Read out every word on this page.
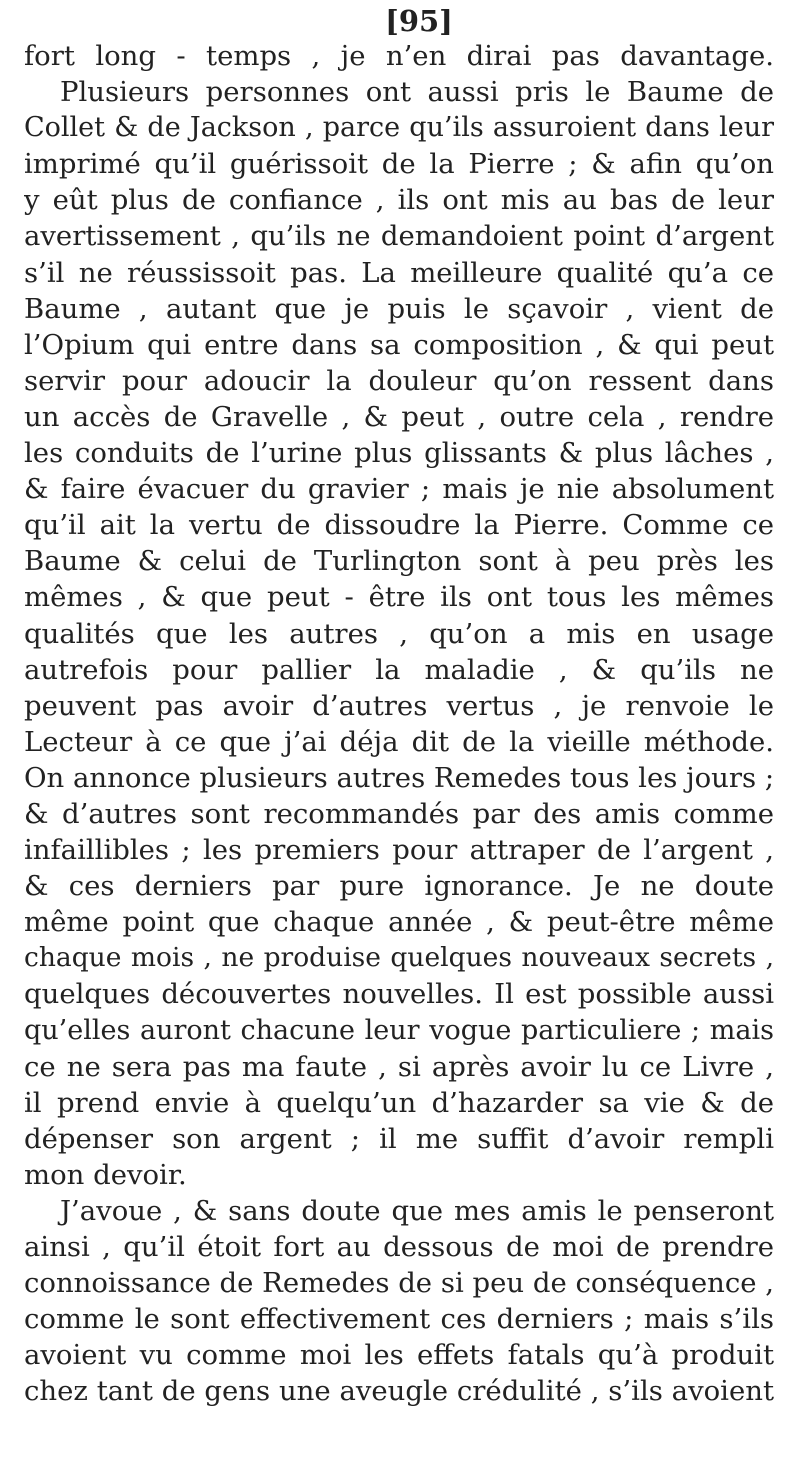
[95]
fort long - temps , je n’en dirai pas davantage.
Plusieurs personnes ont aussi pris le Baume de
Collet & de Jackson , parce qu’ils assuroient dans leur
imprimé qu’il guérissoit de la Pierre ; & afin qu’on
y eût plus de confiance , ils ont mis au bas de leur
avertissement , qu’ils ne demandoient point d’argent
s’il ne réussissoit pas. La meilleure qualité qu’a ce
Baume , autant que je puis le sçavoir , vient de
l’Opium qui entre dans sa composition , & qui peut
servir pour adoucir la douleur qu’on ressent dans
un accès de Gravelle , & peut , outre cela , rendre
les conduits de l’urine plus glissants & plus lâches ,
& faire évacuer du gravier ; mais je nie absolument
qu’il ait la vertu de dissoudre la Pierre. Comme ce
Baume & celui de Turlington sont à peu près les
mêmes , & que peut - être ils ont tous les mêmes
qualités que les autres , qu’on a mis en usage
autrefois pour pallier la maladie , & qu’ils ne
peuvent pas avoir d’autres vertus , je renvoie le
Lecteur à ce que j’ai déja dit de la vieille méthode.
On annonce plusieurs autres Remedes tous les jours ;
& d’autres sont recommandés par des amis comme
infaillibles ; les premiers pour attraper de l’argent ,
& ces derniers par pure ignorance. Je ne doute
même point que chaque année , & peut-être même
chaque mois , ne produise quelques nouveaux secrets ,
quelques découvertes nouvelles. Il est possible aussi
qu’elles auront chacune leur vogue particuliere ; mais
ce ne sera pas ma faute , si après avoir lu ce Livre ,
il prend envie à quelqu’un d’hazarder sa vie & de
dépenser son argent ; il me suffit d’avoir rempli
mon devoir.
J’avoue , & sans doute que mes amis le penseront
ainsi , qu’il étoit fort au dessous de moi de prendre
connoissance de Remedes de si peu de conséquence ,
comme le sont effectivement ces derniers ; mais s’ils
avoient vu comme moi les effets fatals qu’à produit
chez tant de gens une aveugle crédulité , s’ils avoient
